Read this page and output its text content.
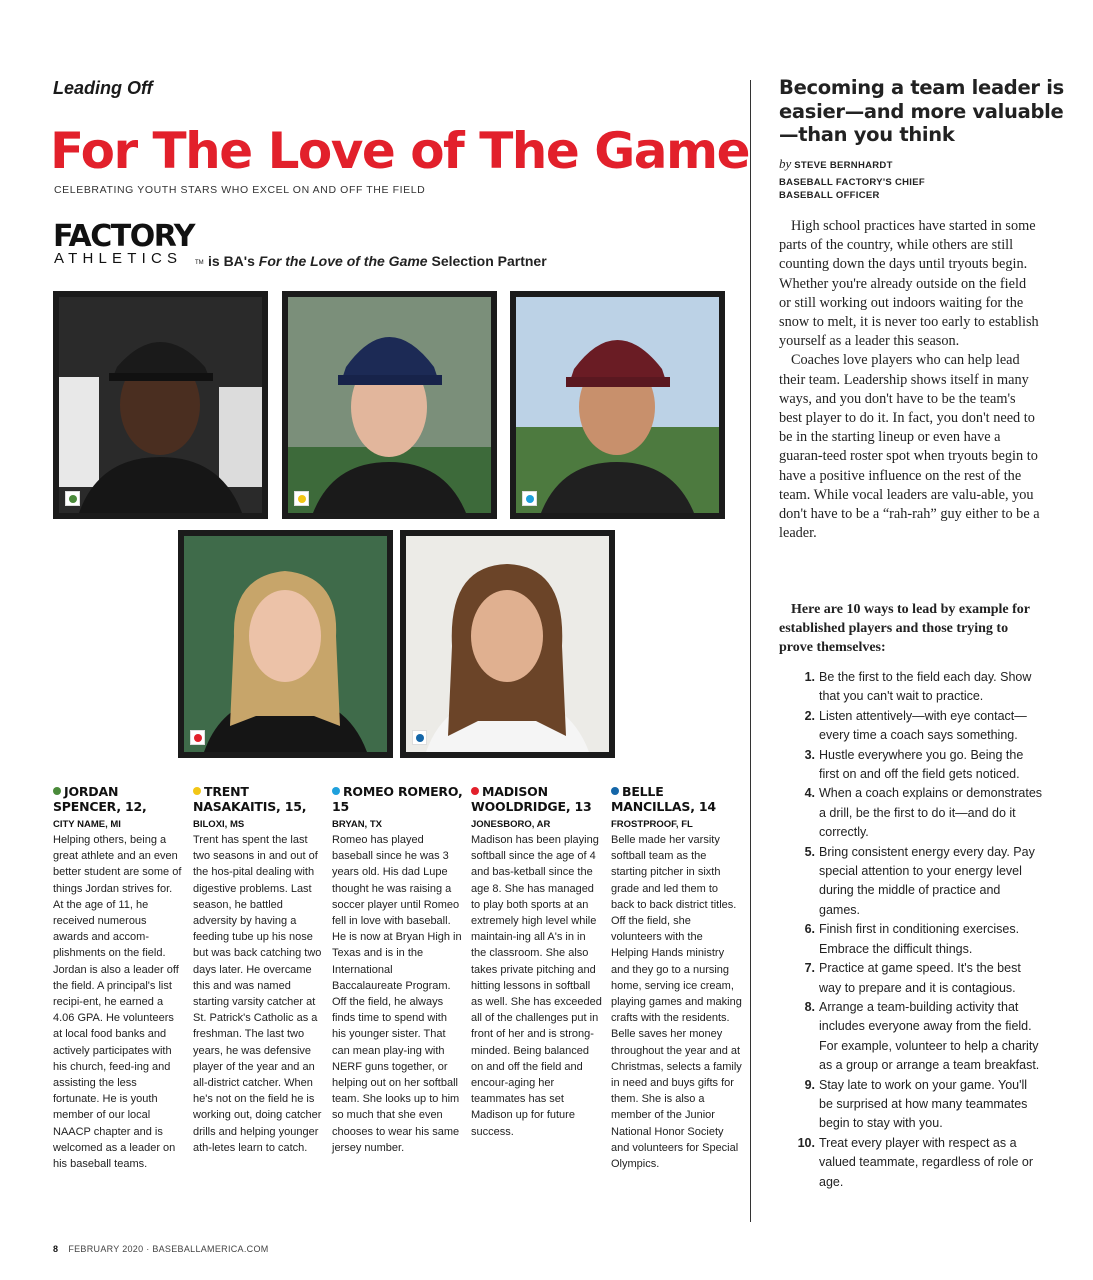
Leading Off
For The Love of The Game
CELEBRATING YOUTH STARS WHO EXCEL ON AND OFF THE FIELD
FACTORY
ATHLETICS TM is BA's For the Love of the Game Selection Partner
JORDAN SPENCER, 12,
CITY NAME, MI
Helping others, being a great athlete and an even better student are some of things Jordan strives for. At the age of 11, he received numerous awards and accom-plishments on the field. Jordan is also a leader off the field. A principal's list recipi-ent, he earned a 4.06 GPA. He volunteers at local food banks and actively participates with his church, feed-ing and assisting the less fortunate. He is youth member of our local NAACP chapter and is welcomed as a leader on his baseball teams.
TRENT NASAKAITIS, 15,
BILOXI, MS
Trent has spent the last two seasons in and out of the hos-pital dealing with digestive problems. Last season, he battled adversity by having a feeding tube up his nose but was back catching two days later. He overcame this and was named starting varsity catcher at St. Patrick's Catholic as a freshman. The last two years, he was defensive player of the year and an all-district catcher. When he's not on the field he is working out, doing catcher drills and helping younger ath-letes learn to catch.
ROMEO ROMERO, 15
BRYAN, TX
Romeo has played baseball since he was 3 years old. His dad Lupe thought he was raising a soccer player until Romeo fell in love with baseball. He is now at Bryan High in Texas and is in the International Baccalaureate Program. Off the field, he always finds time to spend with his younger sister. That can mean play-ing with NERF guns together, or helping out on her softball team. She looks up to him so much that she even chooses to wear his same jersey number.
MADISON WOOLDRIDGE, 13
JONESBORO, AR
Madison has been playing softball since the age of 4 and bas-ketball since the age 8. She has managed to play both sports at an extremely high level while maintain-ing all A's in in the classroom. She also takes private pitching and hitting lessons in softball as well. She has exceeded all of the challenges put in front of her and is strong-minded. Being balanced on and off the field and encour-aging her teammates has set Madison up for future success.
BELLE MANCILLAS, 14
FROSTPROOF, FL
Belle made her varsity softball team as the starting pitcher in sixth grade and led them to back to back district titles. Off the field, she volunteers with the Helping Hands ministry and they go to a nursing home, serving ice cream, playing games and making crafts with the residents. Belle saves her money throughout the year and at Christmas, selects a family in need and buys gifts for them. She is also a member of the Junior National Honor Society and volunteers for Special Olympics.
8 FEBRUARY 2020 · BASEBALLAMERICA.COM
Becoming a team leader is easier—and more valuable—than you think
by STEVE BERNHARDT
BASEBALL FACTORY'S CHIEF BASEBALL OFFICER

High school practices have started in some parts of the country, while others are still counting down the days until tryouts begin. Whether you're already outside on the field or still working out indoors waiting for the snow to melt, it is never too early to establish yourself as a leader this season.

Coaches love players who can help lead their team. Leadership shows itself in many ways, and you don't have to be the team's best player to do it. In fact, you don't need to be in the starting lineup or even have a guaran-teed roster spot when tryouts begin to have a positive influence on the rest of the team. While vocal leaders are valu-able, you don't have to be a “rah-rah” guy either to be a leader.

Here are 10 ways to lead by example for established players and those trying to prove themselves:
1. Be the first to the field each day. Show that you can't wait to practice.
2. Listen attentively—with eye contact—every time a coach says something.
3. Hustle everywhere you go. Being the first on and off the field gets noticed.
4. When a coach explains or demonstrates a drill, be the first to do it—and do it correctly.
5. Bring consistent energy every day. Pay special attention to your energy level during the middle of practice and games.
6. Finish first in conditioning exercises. Embrace the difficult things.
7. Practice at game speed. It's the best way to prepare and it is contagious.
8. Arrange a team-building activity that includes everyone away from the field. For example, volunteer to help a charity as a group or arrange a team breakfast.
9. Stay late to work on your game. You'll be surprised at how many teammates begin to stay with you.
10. Treat every player with respect as a valued teammate, regardless of role or age.
